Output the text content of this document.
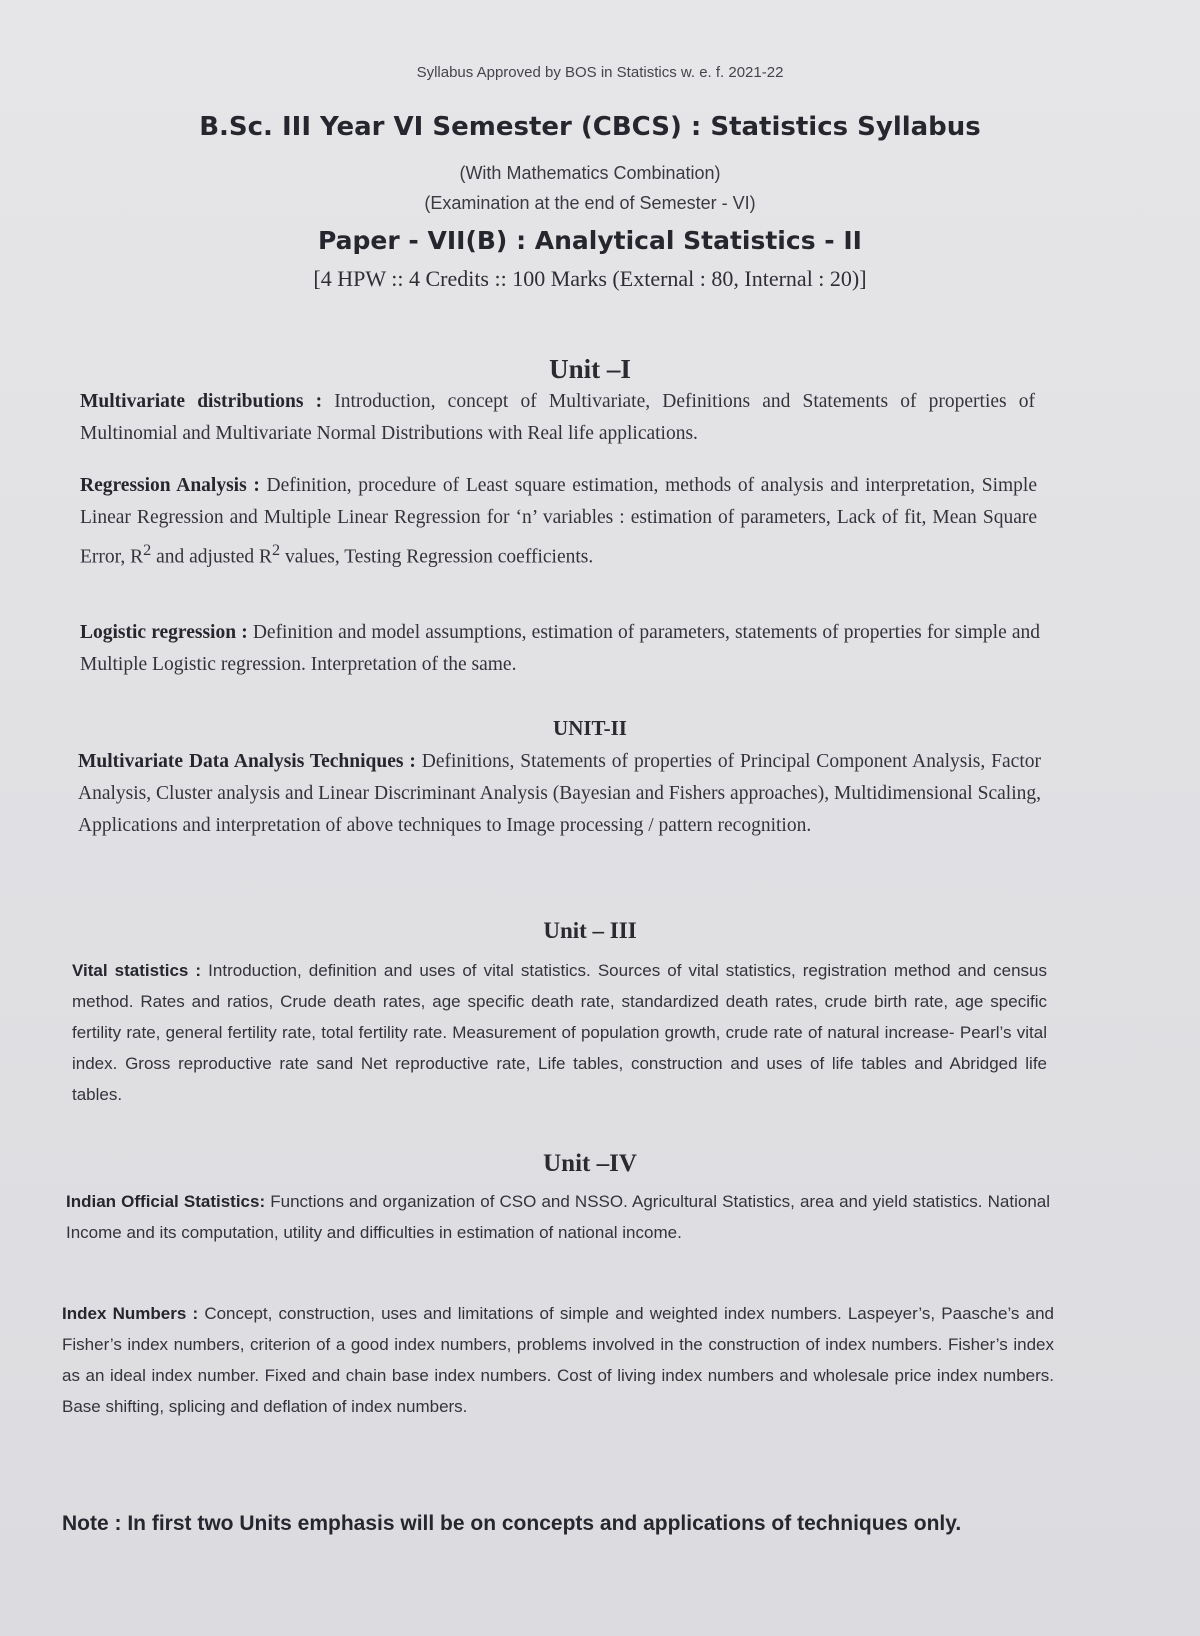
Syllabus Approved by BOS in Statistics w. e. f. 2021-22
B.Sc. III Year VI Semester (CBCS) : Statistics Syllabus
(With Mathematics Combination)
(Examination at the end of Semester - VI)
Paper - VII(B) : Analytical Statistics - II
[4 HPW :: 4 Credits :: 100 Marks (External : 80, Internal : 20)]
Unit –I
Multivariate distributions : Introduction, concept of Multivariate, Definitions and Statements of properties of Multinomial and Multivariate Normal Distributions with Real life applications.
Regression Analysis : Definition, procedure of Least square estimation, methods of analysis and interpretation, Simple Linear Regression and Multiple Linear Regression for ‘n’ variables : estimation of parameters, Lack of fit, Mean Square Error, $R^2$ and adjusted $R^2$ values, Testing Regression coefficients.
Logistic regression : Definition and model assumptions, estimation of parameters, statements of properties for simple and Multiple Logistic regression. Interpretation of the same.
UNIT-II
Multivariate Data Analysis Techniques : Definitions, Statements of properties of Principal Component Analysis, Factor Analysis, Cluster analysis and Linear Discriminant Analysis (Bayesian and Fishers approaches), Multidimensional Scaling, Applications and interpretation of above techniques to Image processing / pattern recognition.
Unit – III
Vital statistics : Introduction, definition and uses of vital statistics. Sources of vital statistics, registration method and census method. Rates and ratios, Crude death rates, age specific death rate, standardized death rates, crude birth rate, age specific fertility rate, general fertility rate, total fertility rate. Measurement of population growth, crude rate of natural increase- Pearl’s vital index. Gross reproductive rate sand Net reproductive rate, Life tables, construction and uses of life tables and Abridged life tables.
Unit –IV
Indian Official Statistics: Functions and organization of CSO and NSSO. Agricultural Statistics, area and yield statistics. National Income and its computation, utility and difficulties in estimation of national income.
Index Numbers : Concept, construction, uses and limitations of simple and weighted index numbers. Laspeyer’s, Paasche’s and Fisher’s index numbers, criterion of a good index numbers, problems involved in the construction of index numbers. Fisher’s index as an ideal index number. Fixed and chain base index numbers. Cost of living index numbers and wholesale price index numbers. Base shifting, splicing and deflation of index numbers.
Note : In first two Units emphasis will be on concepts and applications of techniques only.
